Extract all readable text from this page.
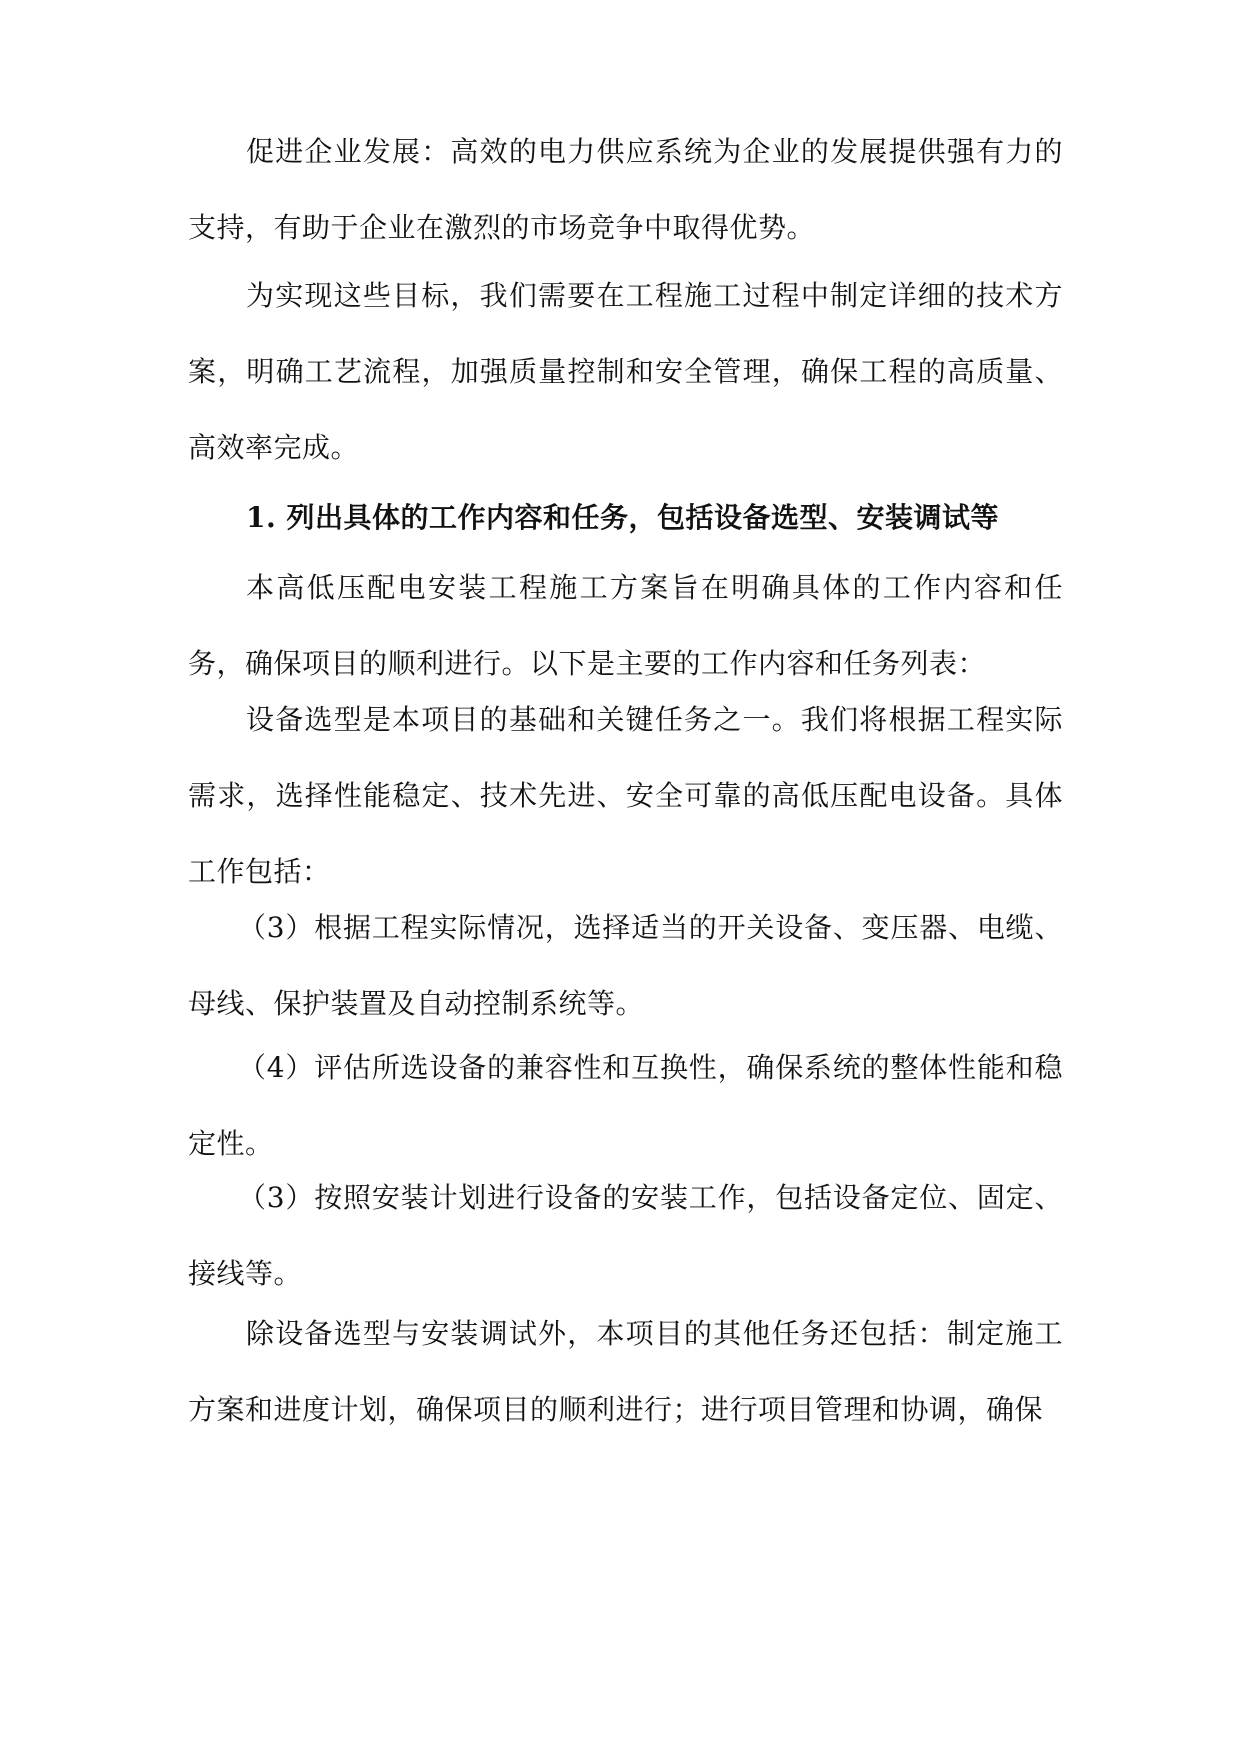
促进企业发展：高效的电力供应系统为企业的发展提供强有力的支持，有助于企业在激烈的市场竞争中取得优势。

为实现这些目标，我们需要在工程施工过程中制定详细的技术方案，明确工艺流程，加强质量控制和安全管理，确保工程的高质量、高效率完成。

1. 列出具体的工作内容和任务，包括设备选型、安装调试等

本高低压配电安装工程施工方案旨在明确具体的工作内容和任务，确保项目的顺利进行。以下是主要的工作内容和任务列表：

设备选型是本项目的基础和关键任务之一。我们将根据工程实际需求，选择性能稳定、技术先进、安全可靠的高低压配电设备。具体工作包括：

（3）根据工程实际情况，选择适当的开关设备、变压器、电缆、母线、保护装置及自动控制系统等。

（4）评估所选设备的兼容性和互换性，确保系统的整体性能和稳定性。

（3）按照安装计划进行设备的安装工作，包括设备定位、固定、接线等。

除设备选型与安装调试外，本项目的其他任务还包括：制定施工方案和进度计划，确保项目的顺利进行；进行项目管理和协调，确保
